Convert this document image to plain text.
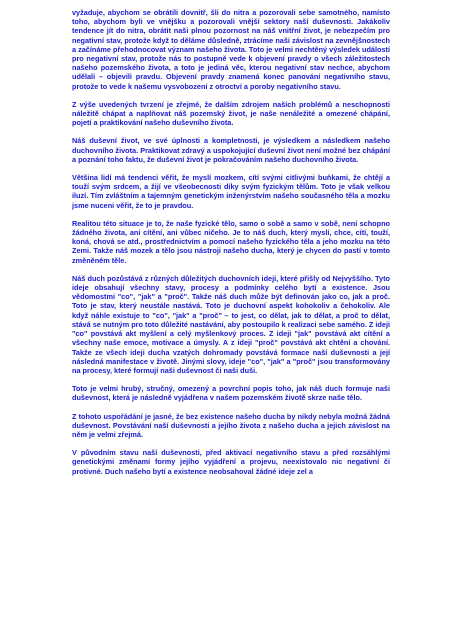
vyžaduje, abychom se obrátili dovnitř, šli do nitra a pozorovali sebe samotného, namísto toho, abychom byli ve vnějšku a pozorovali vnější sektory naší duševnosti. Jakákoliv tendence jít do nitra, obrátit naši plnou pozornost na náš vnitřní život, je nebezpečím pro negativní stav, protože když to děláme důsledně, ztrácíme naši závislost na zevnějšnostech a začínáme přehodnocovat význam našeho života. Toto je velmi nechtěný výsledek událostí pro negativní stav, protože nás to postupně vede k objevení pravdy o všech záležitostech našeho pozemského života, a toto je jediná věc, kterou negativní stav nechce, abychom udělali – objevili pravdu. Objevení pravdy znamená konec panování negativního stavu, protože to vede k našemu vysvobození z otroctví a poroby negativního stavu.

Z výše uvedených tvrzení je zřejmé, že dalším zdrojem naších problémů a neschopnosti náležitě chápat a naplňovat náš pozemský život, je naše nenáležité a omezené chápání, pojetí a praktikování našeho duševního života.

Náš duševní život, ve své úplnosti a kompletnosti, je výsledkem a následkem našeho duchovního života. Praktikovat zdravý a uspokojující duševní život není možné bez chápání a poznání toho faktu, že duševní život je pokračováním našeho duchovního života.

Většina lidí má tendenci věřit, že myslí mozkem, cítí svými citlivými buňkami, že chtějí a touží svým srdcem, a žijí ve všeobecnosti díky svým fyzickým tělům. Toto je však velkou iluzí. Tím zvláštním a tajemným genetickým inženýrstvím našeho současného těla a mozku jsme nuceni věřit, že to je pravdou.

Realitou této situace je to, že naše fyzické tělo, samo o sobě a samo v sobě, není schopno žádného života, ani cítění, ani vůbec ničeho. Je to náš duch, který myslí, chce, cítí, touží, koná, chová se atd., prostřednictvím a pomocí našeho fyzického těla a jeho mozku na této Zemi. Takže náš mozek a tělo jsou nástroji našeho ducha, který je chycen do pastí v tomto změněném těle.

Náš duch pozůstává z různých důležitých duchovních idejí, které přišly od Nejvyššího. Tyto ideje obsahují všechny stavy, procesy a podmínky celého bytí a existence. Jsou vědomostmi "co", "jak" a "proč". Takže náš duch může být definován jako co, jak a proč. Toto je stav, který neustále nastává. Toto je duchovní aspekt kohokoliv a čehokoliv. Ale když náhle existuje to "co", "jak" a "proč" – to jest, co dělat, jak to dělat, a proč to dělat, stává se nutným pro toto důležité nastávání, aby postoupilo k realizaci sebe samého. Z ideji "co" povstává akt myšlení a celý myšlenkový proces. Z ideji "jak" povstává akt cítění a všechny naše emoce, motivace a úmysly. A z ideji "proč" povstává akt chtění a chování. Takže ze všech ideji ducha vzatých dohromady povstává formace naší duševnosti a její následná manifestace v životě. Jinými slovy, ideje "co", "jak" a "proč" jsou transformovány na procesy, které formují naši duševnost či naši duši.

Toto je velmi hrubý, stručný, omezený a povrchní popis toho, jak náš duch formuje naši duševnost, která je následně vyjádřena v našem pozemském životě skrze naše tělo.

Z tohoto uspořádání je jasné, že bez existence našeho ducha by nikdy nebyla možná žádná duševnost. Povstávání naší duševnosti a jejího života z našeho ducha a jejich závislost na něm je velmi zřejmá.

V původním stavu naší duševnosti, před aktivací negativního stavu a před rozsáhlými genetickými změnami formy jejího vyjádření a projevu, neexistovalo nic negativní či protivné. Duch našeho bytí a existence neobsahoval žádné ideje zel a
